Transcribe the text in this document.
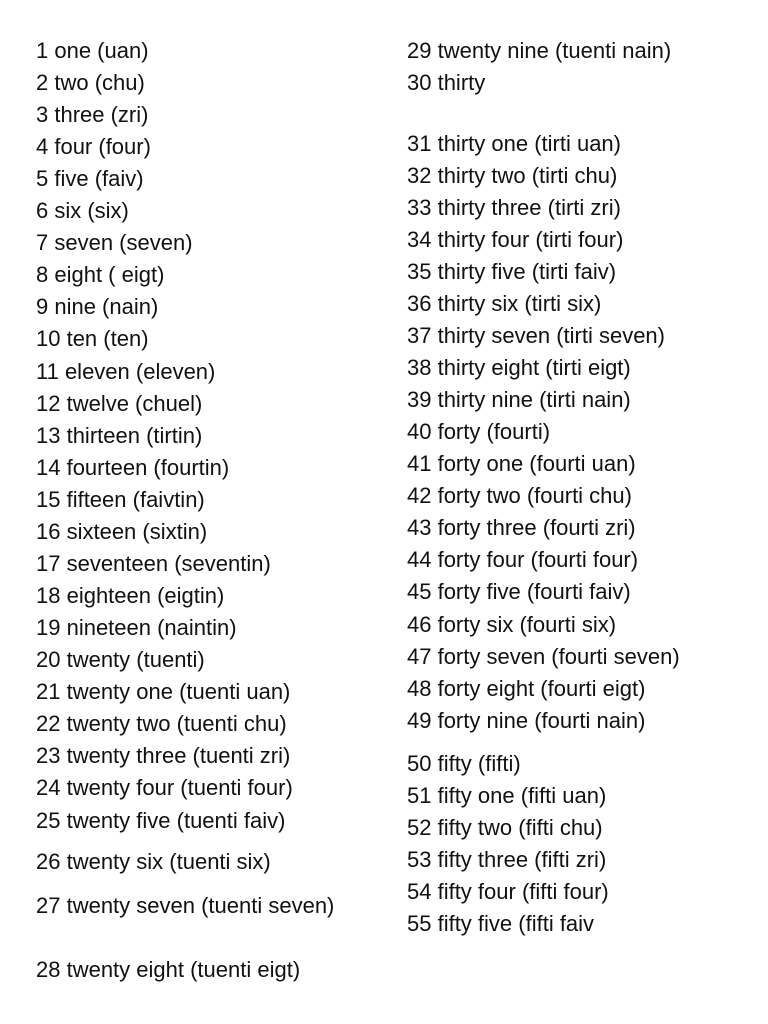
1 one (uan)
2 two (chu)
3 three (zri)
4 four (four)
5 five (faiv)
6 six (six)
7 seven (seven)
8 eight ( eigt)
9 nine (nain)
10 ten (ten)
11 eleven (eleven)
12 twelve (chuel)
13 thirteen (tirtin)
14 fourteen (fourtin)
15 fifteen (faivtin)
16 sixteen (sixtin)
17 seventeen (seventin)
18 eighteen (eigtin)
19 nineteen (naintin)
20 twenty (tuenti)
21 twenty one (tuenti uan)
22 twenty two (tuenti chu)
23 twenty three (tuenti zri)
24 twenty four (tuenti four)
25 twenty five (tuenti faiv)
26 twenty six (tuenti six)
27 twenty seven (tuenti seven)
28 twenty eight (tuenti eigt)
29 twenty nine (tuenti nain)
30 thirty
31 thirty one (tirti uan)
32 thirty two (tirti chu)
33 thirty three (tirti zri)
34 thirty four (tirti four)
35 thirty five (tirti faiv)
36 thirty six (tirti six)
37 thirty seven (tirti seven)
38 thirty eight (tirti eigt)
39 thirty nine (tirti nain)
40 forty (fourti)
41 forty one (fourti uan)
42 forty two (fourti chu)
43 forty three (fourti zri)
44 forty four (fourti four)
45 forty five (fourti faiv)
46 forty six (fourti six)
47 forty seven (fourti seven)
48 forty eight (fourti eigt)
49 forty nine (fourti nain)
50 fifty (fifti)
51 fifty one (fifti uan)
52 fifty two (fifti chu)
53 fifty three (fifti zri)
54 fifty four (fifti four)
55 fifty five (fifti faiv
